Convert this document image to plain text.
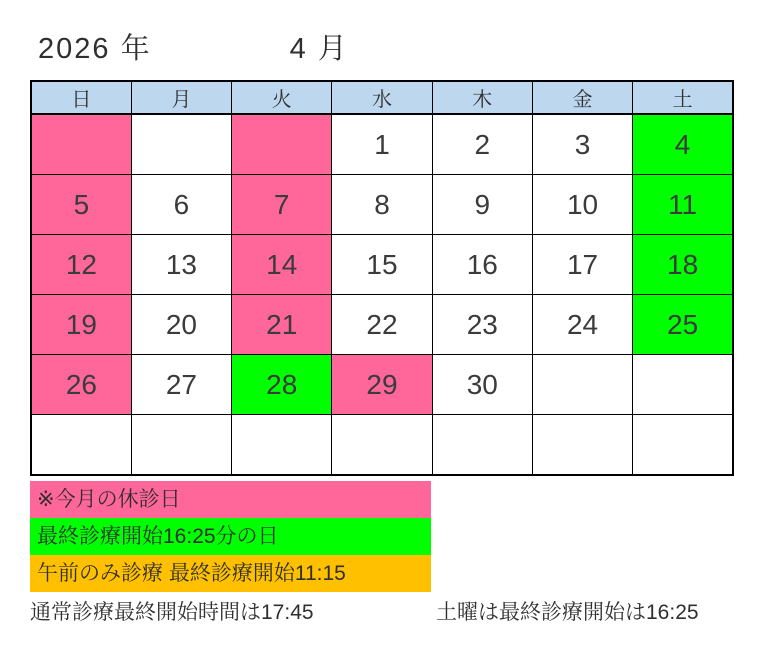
2026 年	4 月
日	月	火	水	木	金	土
			1	2	3	4
5	6	7	8	9	10	11
12	13	14	15	16	17	18
19	20	21	22	23	24	25
26	27	28	29	30		

※今月の休診日
最終診療開始16:25分の日
午前のみ診療 最終診療開始11:15
通常診療最終開始時間は17:45	土曜は最終診療開始は16:25
